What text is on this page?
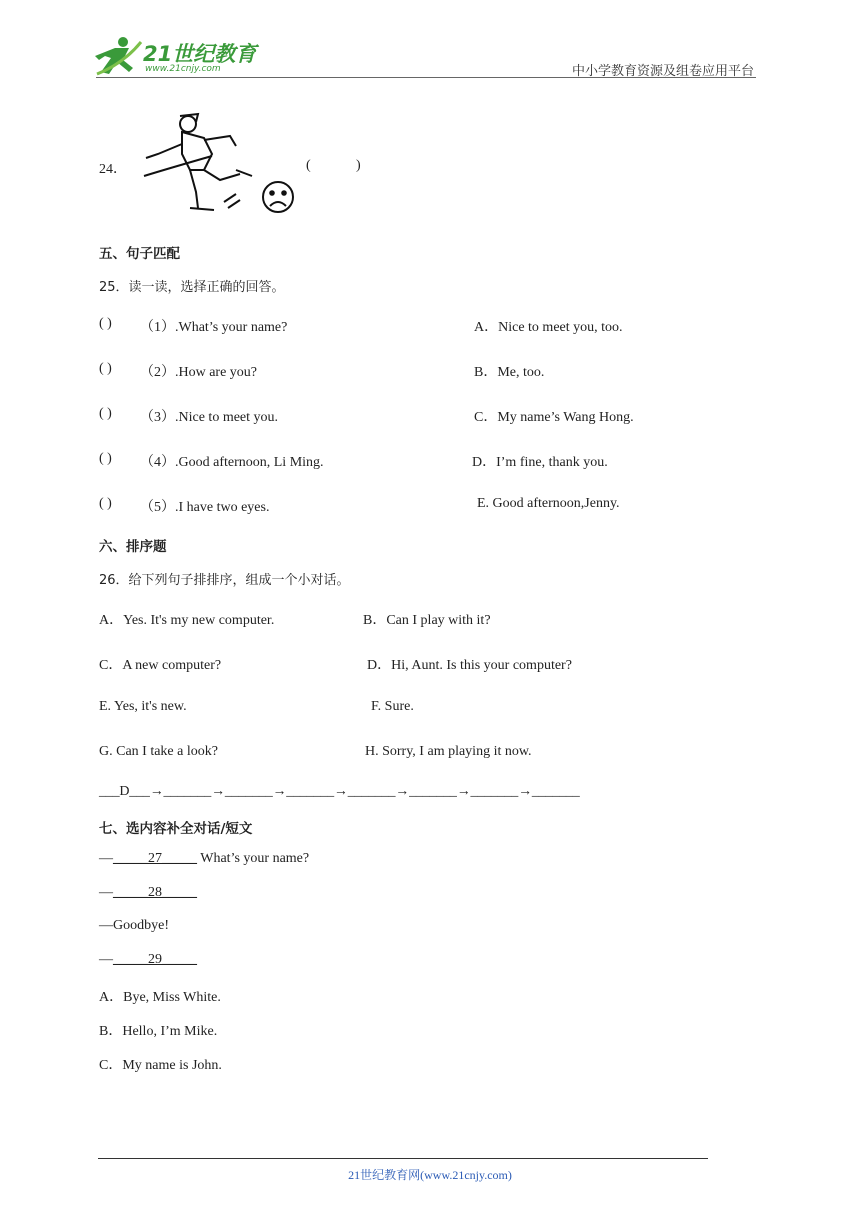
21世纪教育
www.21cnjy.com	中小学教育资源及组卷应用平台
24．	(	)
五、句子匹配
25．读一读，选择正确的回答。
( ) （1）.What’s your name?	A．Nice to meet you, too.
( ) （2）.How are you?	B．Me, too.
( ) （3）.Nice to meet you.	C．My name’s Wang Hong.
( ) （4）.Good afternoon, Li Ming.	D．I’m fine, thank you.
( ) （5）.I have two eyes.	E. Good afternoon,Jenny.
六、排序题
26．给下列句子排排序，组成一个小对话。
A．Yes. It's my new computer.	B．Can I play with it?
C．A new computer?	D．Hi, Aunt. Is this your computer?
E. Yes, it's new.	F. Sure.
G. Can I take a look?	H. Sorry, I am playing it now.
___D___→_______→_______→_______→_______→_______→_______→_______
七、选内容补全对话/短文
—_____27_____ What’s your name?
—_____28_____
—Goodbye!
—_____29_____
A．Bye, Miss White.
B．Hello, I’m Mike.
C．My name is John.
21世纪教育网(www.21cnjy.com)
